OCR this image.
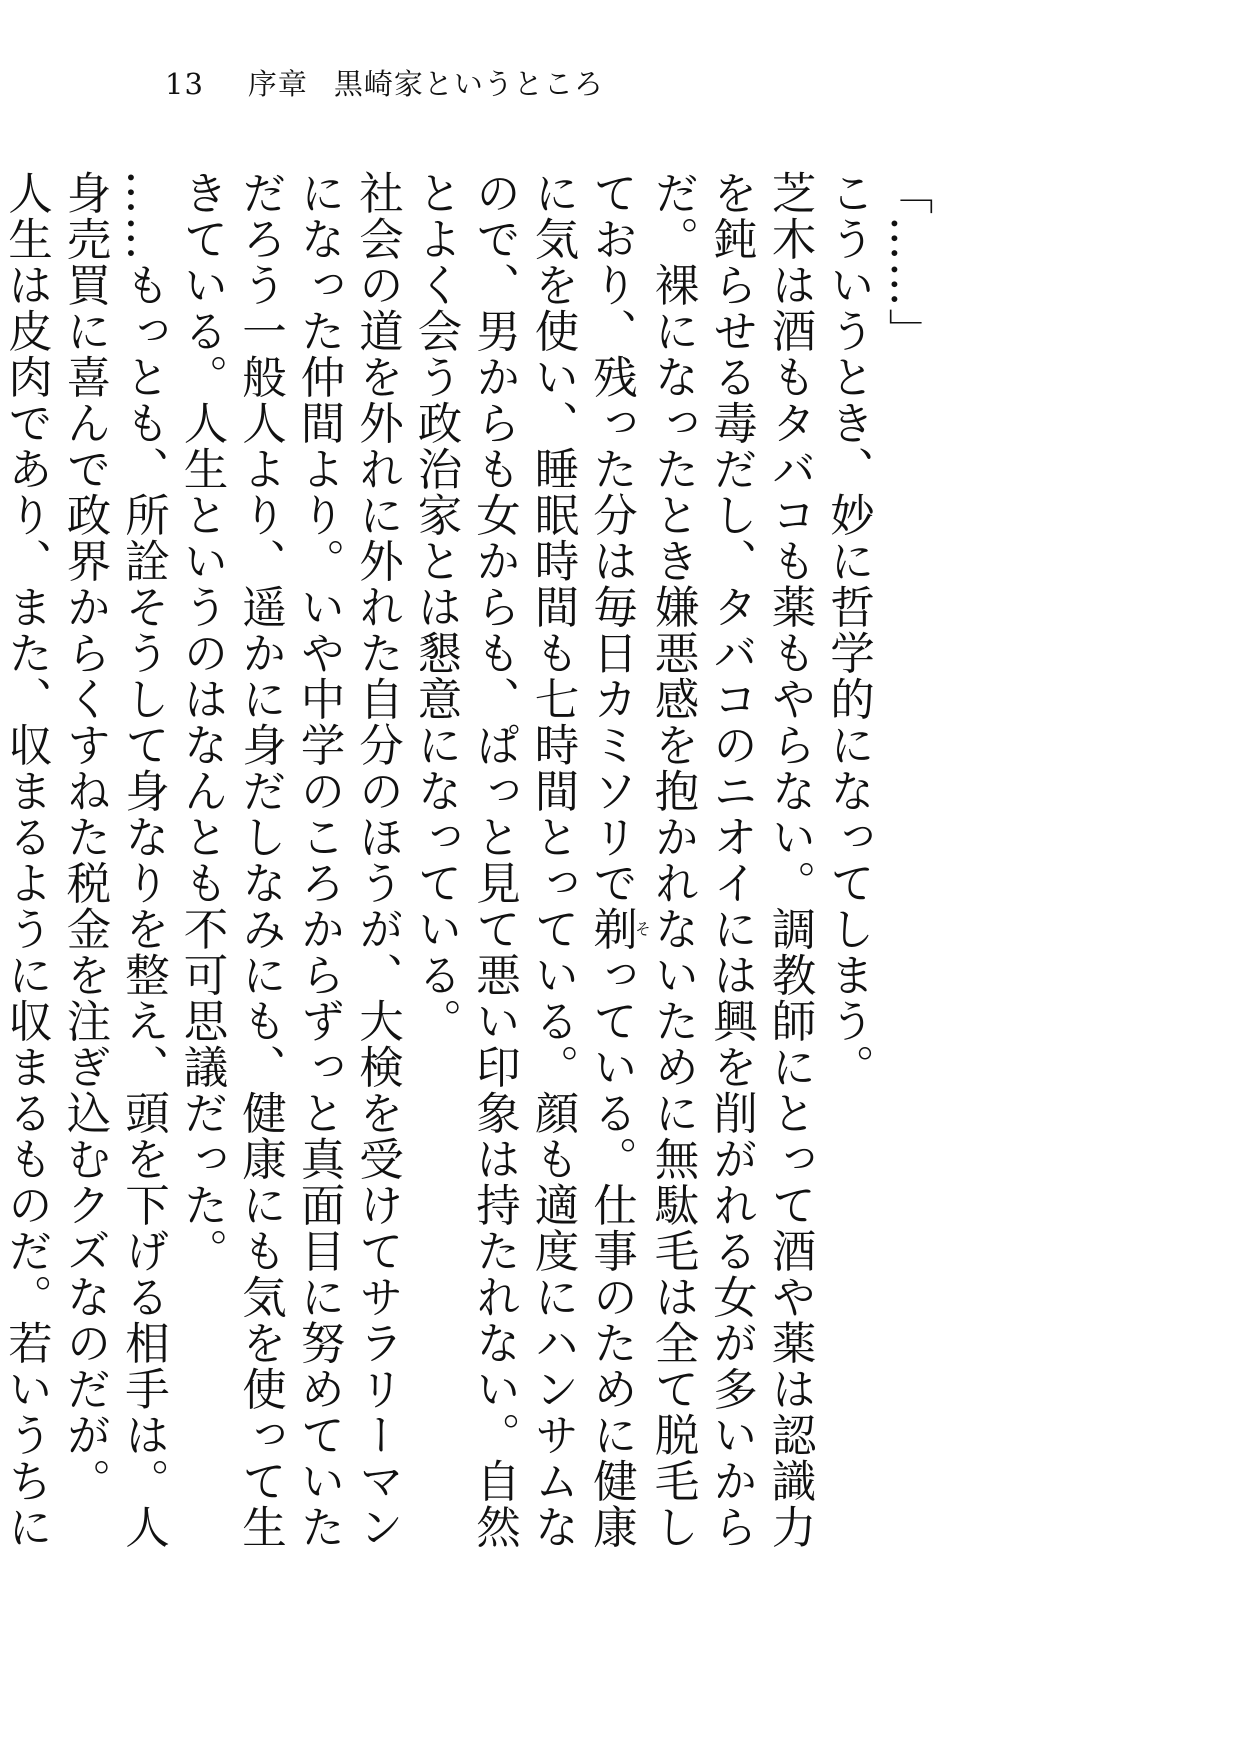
13 序章 黒崎家というところ

「……」

こういうとき、妙に哲学的になってしまう。

芝木は酒もタバコも薬もやらない。調教師にとって酒や薬は認識力を鈍らせる毒だし、タバコのニオイには興を削がれる女が多いからだ。裸になったとき嫌悪感を抱かれないために無駄毛は全て脱毛しており、残った分は毎日カミソリで剃そっている。仕事のために健康に気を使い、睡眠時間も七時間とっている。顔も適度にハンサムなので、男からも女からも、ぱっと見て悪い印象は持たれない。自然とよく会う政治家とは懇意になっている。

社会の道を外れに外れた自分のほうが、大検を受けてサラリーマンになった仲間より。いや中学のころからずっと真面目に努めていただろう一般人より、遥かに身だしなみにも、健康にも気を使って生きている。人生というのはなんとも不可思議だった。

……もっとも、所詮そうして身なりを整え、頭を下げる相手は。人身売買に喜んで政界からくすねた税金を注ぎ込むクズなのだが。

人生は皮肉であり、また、収まるように収まるものだ。若いうちに
